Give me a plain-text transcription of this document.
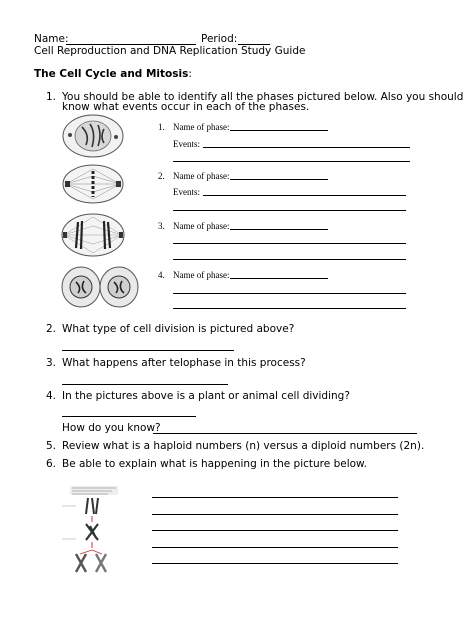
Name:	Period:
Cell Reproduction and DNA Replication Study Guide
The Cell Cycle and Mitosis:
1. You should be able to identify all the phases pictured below. Also you should
know what events occur in each of the phases.
1. Name of phase:
Events:
2. Name of phase:
Events:
3. Name of phase:
4. Name of phase:
2. What type of cell division is pictured above?
3. What happens after telophase in this process?
4. In the pictures above is a plant or animal cell dividing?
How do you know?
5. Review what is a haploid numbers (n) versus a diploid numbers (2n).
6. Be able to explain what is happening in the picture below.
